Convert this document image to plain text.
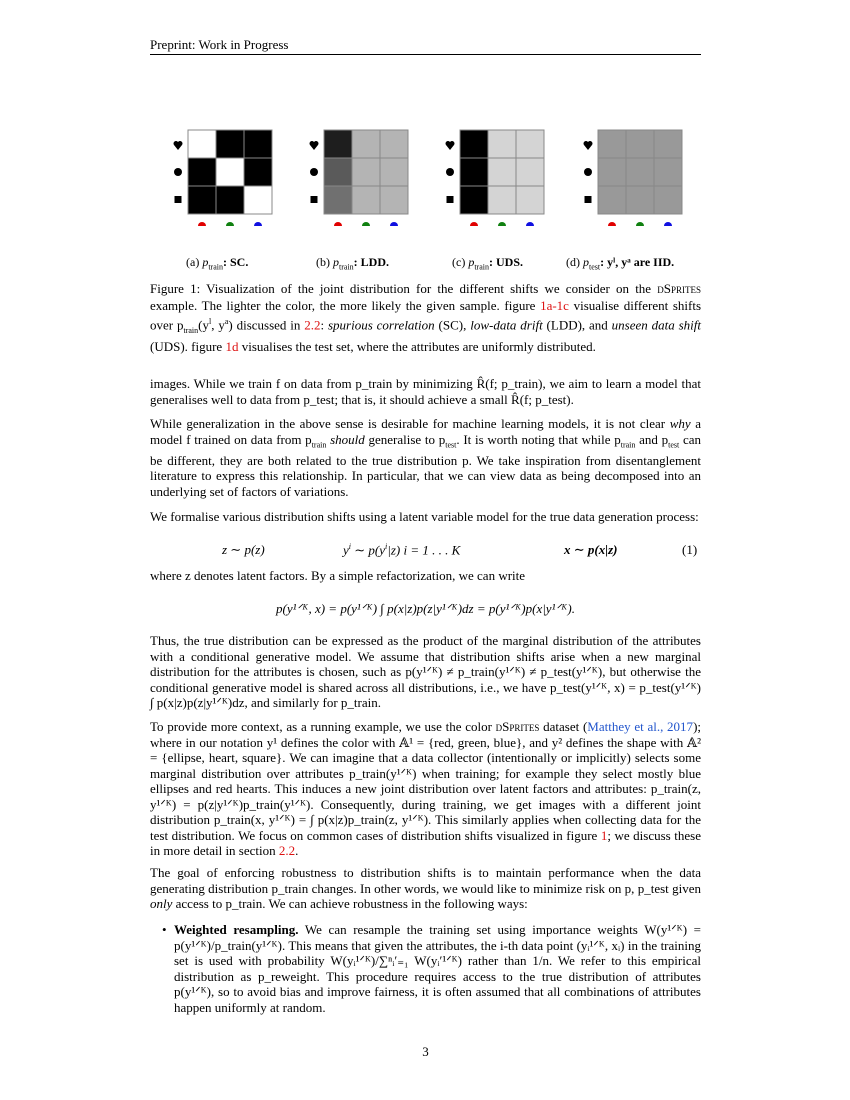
Preprint: Work in Progress
(a) $p_{train}$: SC.	(b) $p_{train}$: LDD.	(c) $p_{train}$: UDS.	(d) $p_{test}$: yˡ, yᵃ are IID.
Figure 1: Visualization of the joint distribution for the different shifts we consider on the dSprites example. The lighter the color, the more likely the given sample. figure 1a-1c visualise different shifts over $p_{train}(y^l$, $y^a$) discussed in 2.2: spurious correlation (SC), low-data drift (LDD), and unseen data shift (UDS). figure 1d visualises the test set, where the attributes are uniformly distributed.
images. While we train f on data from p_train by minimizing R̂(f; p_train), we aim to learn a model that generalises well to data from p_test; that is, it should achieve a small R̂(f; p_test).
While generalization in the above sense is desirable for machine learning models, it is not clear why a model f trained on data from $p_{train}$ should generalise to $p_{test}$. It is worth noting that while $p_{train}$ and $p_{test}$ can be different, they are both related to the true distribution p. We take inspiration from disentanglement literature to express this relationship. In particular, that we can view data as being decomposed into an underlying set of factors of variations.
We formalise various distribution shifts using a latent variable model for the true data generation process:
z ∼ p(z)	$y^i$ ∼ $p(y^i|z) i = 1$ . . . K	x ∼ p(x|z)	(1)
where z denotes latent factors. By a simple refactorization, we can write
p(y¹ᐟᴷ, x) = p(y¹ᐟᴷ) ∫ p(x|z)p(z|y¹ᐟᴷ)dz = p(y¹ᐟᴷ)p(x|y¹ᐟᴷ).
Thus, the true distribution can be expressed as the product of the marginal distribution of the attributes with a conditional generative model. We assume that distribution shifts arise when a new marginal distribution for the attributes is chosen, such as p(y¹ᐟᴷ) ≠ p_train(y¹ᐟᴷ) ≠ p_test(y¹ᐟᴷ), but otherwise the conditional generative model is shared across all distributions, i.e., we have p_test(y¹ᐟᴷ, x) = p_test(y¹ᐟᴷ) ∫ p(x|z)p(z|y¹ᐟᴷ)dz, and similarly for p_train.
To provide more context, as a running example, we use the color dSprites dataset (Matthey et al., 2017); where in our notation y¹ defines the color with 𝔸¹ = {red, green, blue}, and y² defines the shape with 𝔸² = {ellipse, heart, square}. We can imagine that a data collector (intentionally or implicitly) selects some marginal distribution over attributes p_train(y¹ᐟᴷ) when training; for example they select mostly blue ellipses and red hearts. This induces a new joint distribution over latent factors and attributes: p_train(z, y¹ᐟᴷ) = p(z|y¹ᐟᴷ)p_train(y¹ᐟᴷ). Consequently, during training, we get images with a different joint distribution p_train(x, y¹ᐟᴷ) = ∫ p(x|z)p_train(z, y¹ᐟᴷ). This similarly applies when collecting data for the test distribution. We focus on common cases of distribution shifts visualized in figure 1; we discuss these in more detail in section 2.2.
The goal of enforcing robustness to distribution shifts is to maintain performance when the data generating distribution p_train changes. In other words, we would like to minimize risk on p, p_test given only access to p_train. We can achieve robustness in the following ways:
• Weighted resampling. We can resample the training set using importance weights W(y¹ᐟᴷ) = p(y¹ᐟᴷ)/p_train(y¹ᐟᴷ). This means that given the attributes, the i-th data point (yᵢ¹ᐟᴷ, xᵢ) in the training set is used with probability W(yᵢ¹ᐟᴷ)/∑ⁿᵢ′₌₁ W(yᵢ′¹ᐟᴷ) rather than 1/n. We refer to this empirical distribution as p_reweight. This procedure requires access to the true distribution of attributes p(y¹ᐟᴷ), so to avoid bias and improve fairness, it is often assumed that all combinations of attributes happen uniformly at random.
3
